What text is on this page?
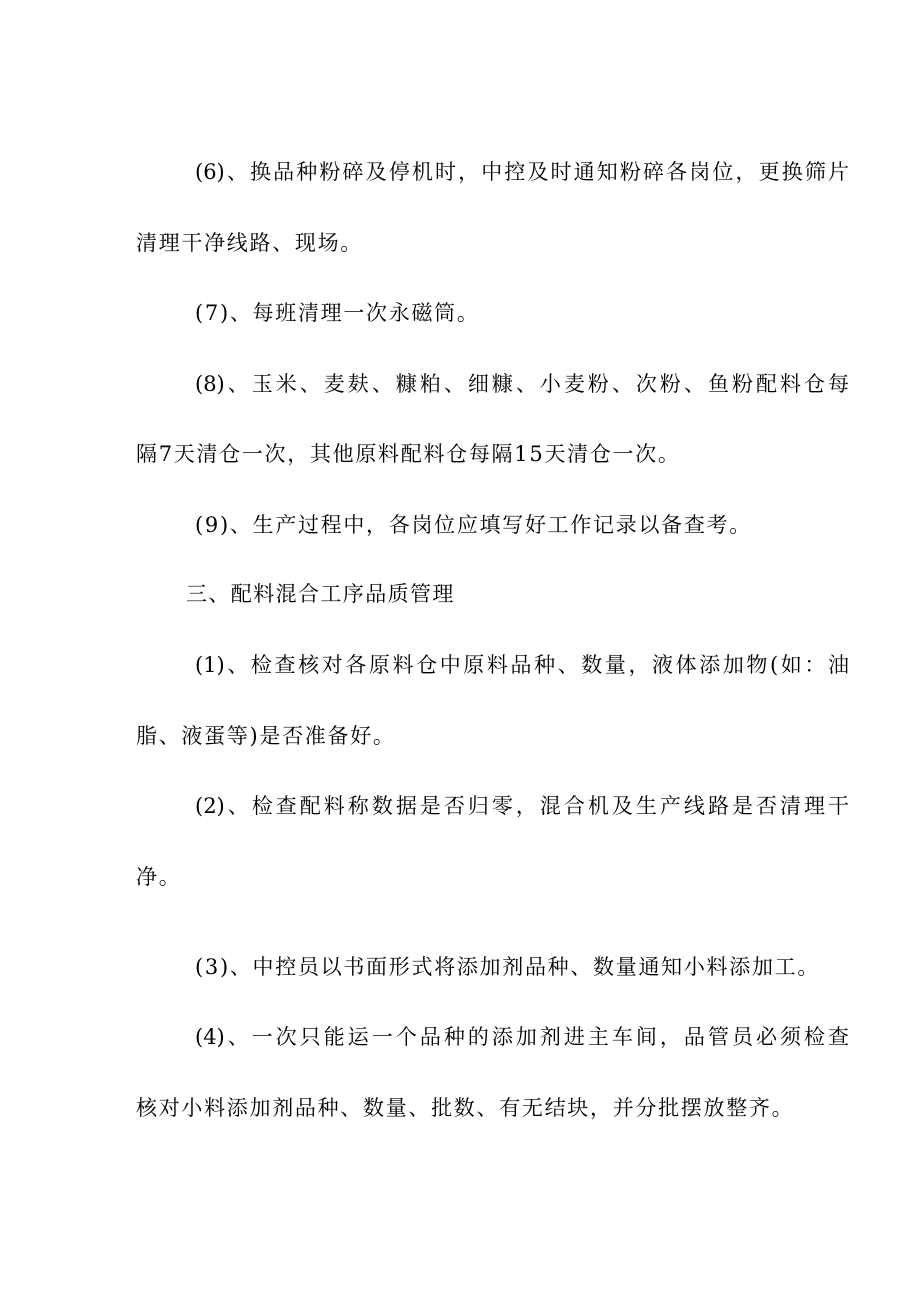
(6)、换品种粉碎及停机时，中控及时通知粉碎各岗位，更换筛片
清理干净线路、现场。
(7)、每班清理一次永磁筒。
(8)、玉米、麦麸、糠粕、细糠、小麦粉、次粉、鱼粉配料仓每
隔7天清仓一次，其他原料配料仓每隔15天清仓一次。
(9)、生产过程中，各岗位应填写好工作记录以备查考。
三、配料混合工序品质管理
(1)、检查核对各原料仓中原料品种、数量，液体添加物(如：油
脂、液蛋等)是否准备好。
(2)、检查配料称数据是否归零，混合机及生产线路是否清理干
净。
(3)、中控员以书面形式将添加剂品种、数量通知小料添加工。
(4)、一次只能运一个品种的添加剂进主车间，品管员必须检查
核对小料添加剂品种、数量、批数、有无结块，并分批摆放整齐。
